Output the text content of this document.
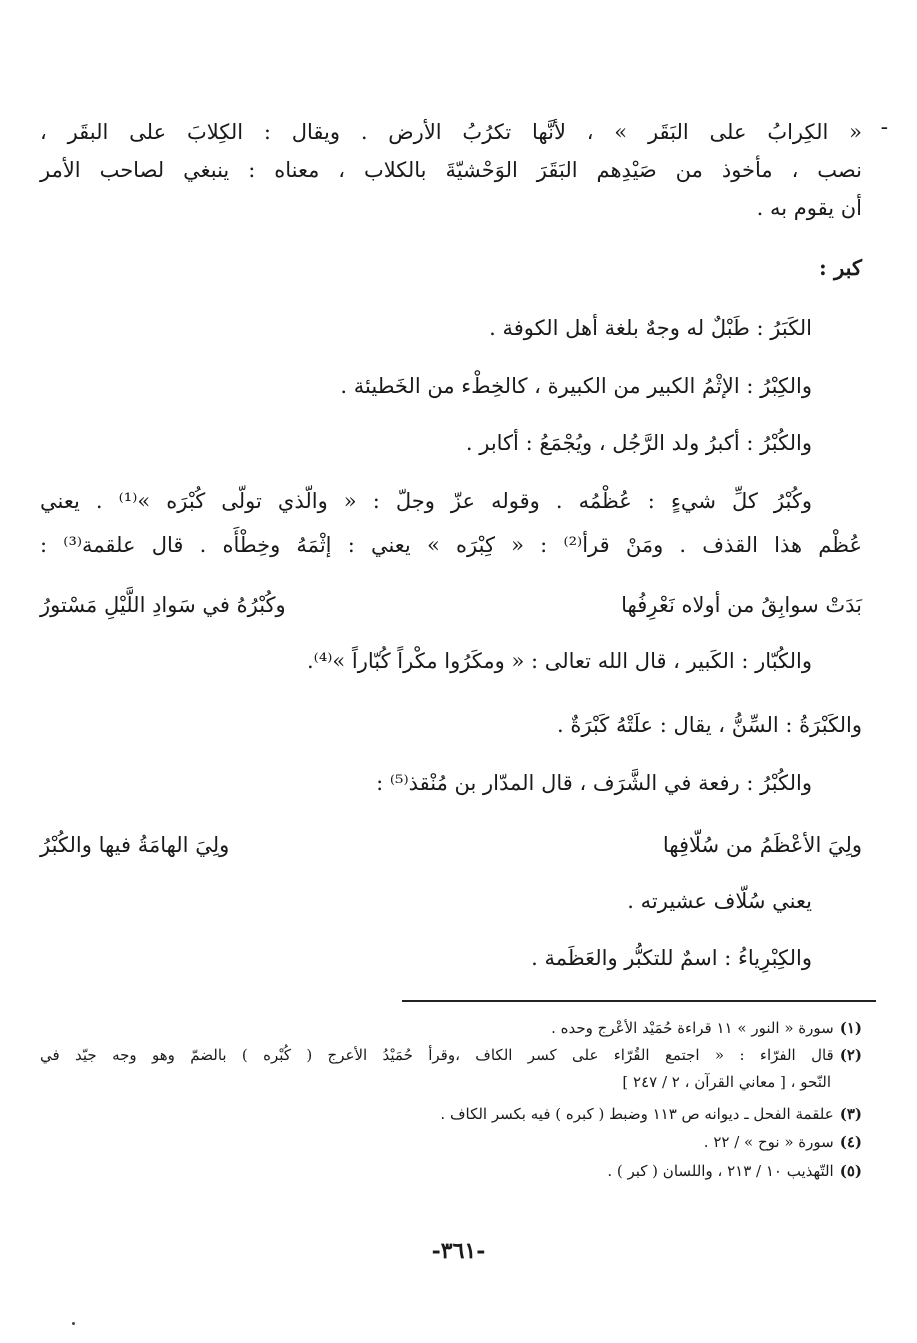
-
« الكِرابُ على البَقَر » ، لأنَّها تكرُبُ الأرض . ويقال : الكِلابَ على البقَر ،
نصب ، مأخوذ من صَيْدِهم البَقَرَ الوَحْشيّةَ بالكلاب ، معناه : ينبغي لصاحب الأمر
أن يقوم به .
كبر :
الكَبَرُ : طَبْلٌ له وجهٌ بلغة أهل الكوفة .
والكِبْرُ : الإثْمُ الكبير من الكبيرة ، كالخِطْء من الخَطيئة .
والكُبْرُ : أكبرُ ولد الرَّجُل ، ويُجْمَعُ : أكابر .
وكُبْرُ كلِّ شيءٍ : عُظْمُه . وقوله عزّ وجلّ : « والّذي تولّى كُبْرَه »⁽¹⁾ . يعني
عُظْم هذا القذف . ومَنْ قرأ⁽²⁾ : « كِبْرَه » يعني : إثْمَهُ وخِطْأَه . قال علقمة⁽³⁾ :
بَدَتْ سوابِقُ من أولاه نَعْرِفُها
وكُبْرُهُ في سَوادِ اللَّيْلِ مَسْتورُ
والكُبّار : الكَبير ، قال الله تعالى : « ومكَرُوا مكْراً كُبّاراً »⁽⁴⁾.
والكَبْرَةُ : السِّنُّ ، يقال : علَتْهُ كَبْرَةٌ .
والكُبْرُ : رفعة في الشَّرَف ، قال المدّار بن مُنْقذ⁽⁵⁾ :
ولِيَ الأعْظَمُ من سُلّافِها
ولِيَ الهامَةُ فيها والكُبْرُ
يعني سُلّاف عشيرته .
والكِبْرِياءُ : اسمٌ للتكبُّر والعَظَمة .
(١)سورة « النور » ١١ قراءة حُمَيْد الأعْرج وحده .
(٢)قال الفرّاء : « اجتمع القُرّاء على كسر الكاف ،وقرأ حُمَيْدُ الأعرج ( كُبْره ) بالضمّ وهو وجه جيّد في
النّحو ، [ معاني القرآن ، ٢ / ٢٤٧ ]
(٣)علقمة الفحل ـ ديوانه ص ١١٣ وضبط ( كبره ) فيه بكسر الكاف .
(٤)سورة « نوح » / ٢٢ .
(٥)التّهذيب ١٠ / ٢١٣ ، واللسان ( كبر ) .
-٣٦١-
